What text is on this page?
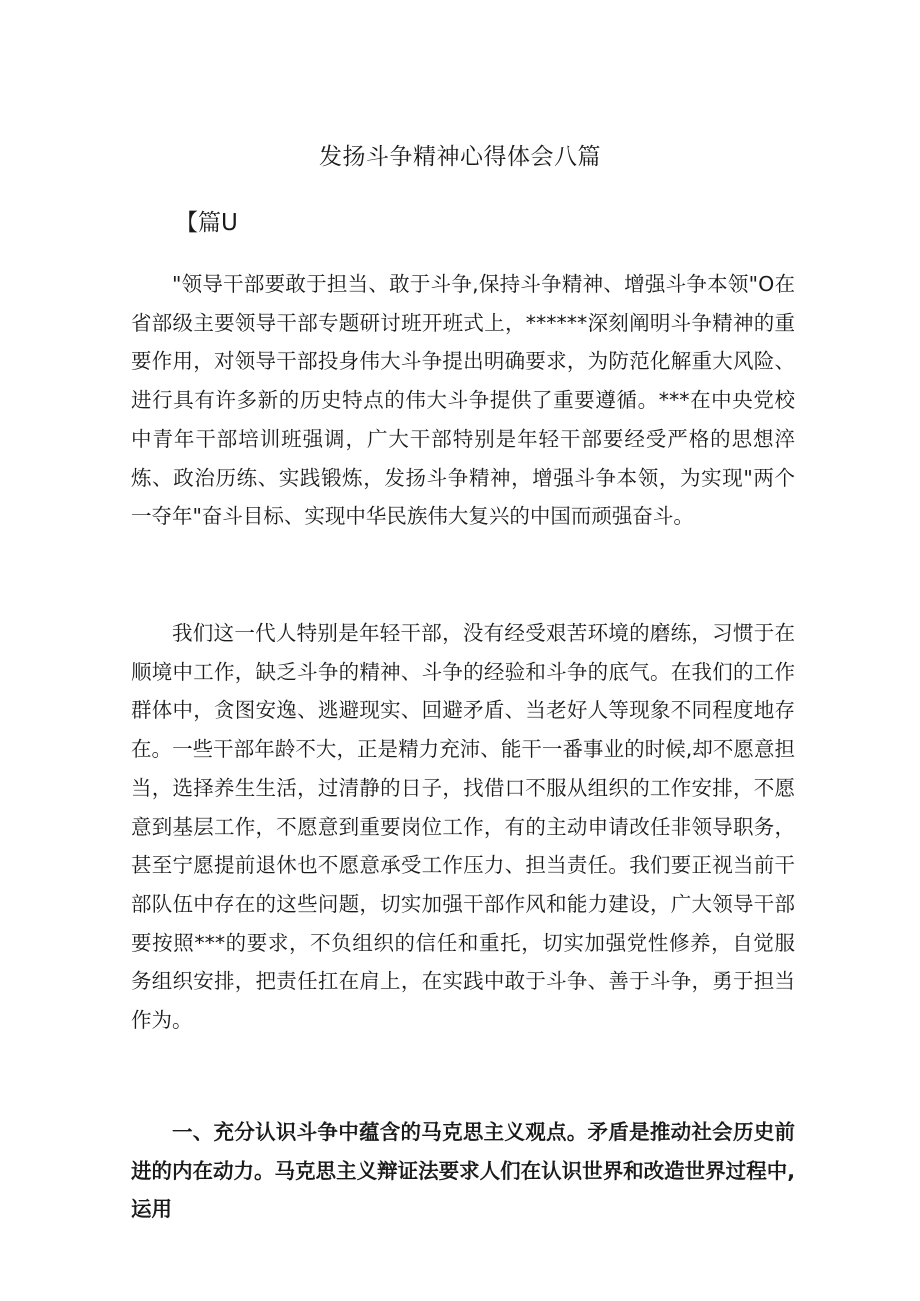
发扬斗争精神心得体会八篇
【篇U

"领导干部要敢于担当、敢于斗争,保持斗争精神、增强斗争本领"O在省部级主要领导干部专题研讨班开班式上，******深刻阐明斗争精神的重要作用，对领导干部投身伟大斗争提出明确要求，为防范化解重大风险、进行具有许多新的历史特点的伟大斗争提供了重要遵循。***在中央党校中青年干部培训班强调，广大干部特别是年轻干部要经受严格的思想淬炼、政治历练、实践锻炼，发扬斗争精神，增强斗争本领，为实现"两个一夺年"奋斗目标、实现中华民族伟大复兴的中国而顽强奋斗。

我们这一代人特别是年轻干部，没有经受艰苦环境的磨练，习惯于在顺境中工作，缺乏斗争的精神、斗争的经验和斗争的底气。在我们的工作群体中，贪图安逸、逃避现实、回避矛盾、当老好人等现象不同程度地存在。一些干部年龄不大，正是精力充沛、能干一番事业的时候,却不愿意担当，选择养生生活，过清静的日子，找借口不服从组织的工作安排，不愿意到基层工作，不愿意到重要岗位工作，有的主动申请改任非领导职务，甚至宁愿提前退休也不愿意承受工作压力、担当责任。我们要正视当前干部队伍中存在的这些问题，切实加强干部作风和能力建设，广大领导干部要按照***的要求，不负组织的信任和重托，切实加强党性修养，自觉服务组织安排，把责任扛在肩上，在实践中敢于斗争、善于斗争，勇于担当作为。

一、充分认识斗争中蕴含的马克思主义观点。矛盾是推动社会历史前进的内在动力。马克思主义辩证法要求人们在认识世界和改造世界过程中,运用
